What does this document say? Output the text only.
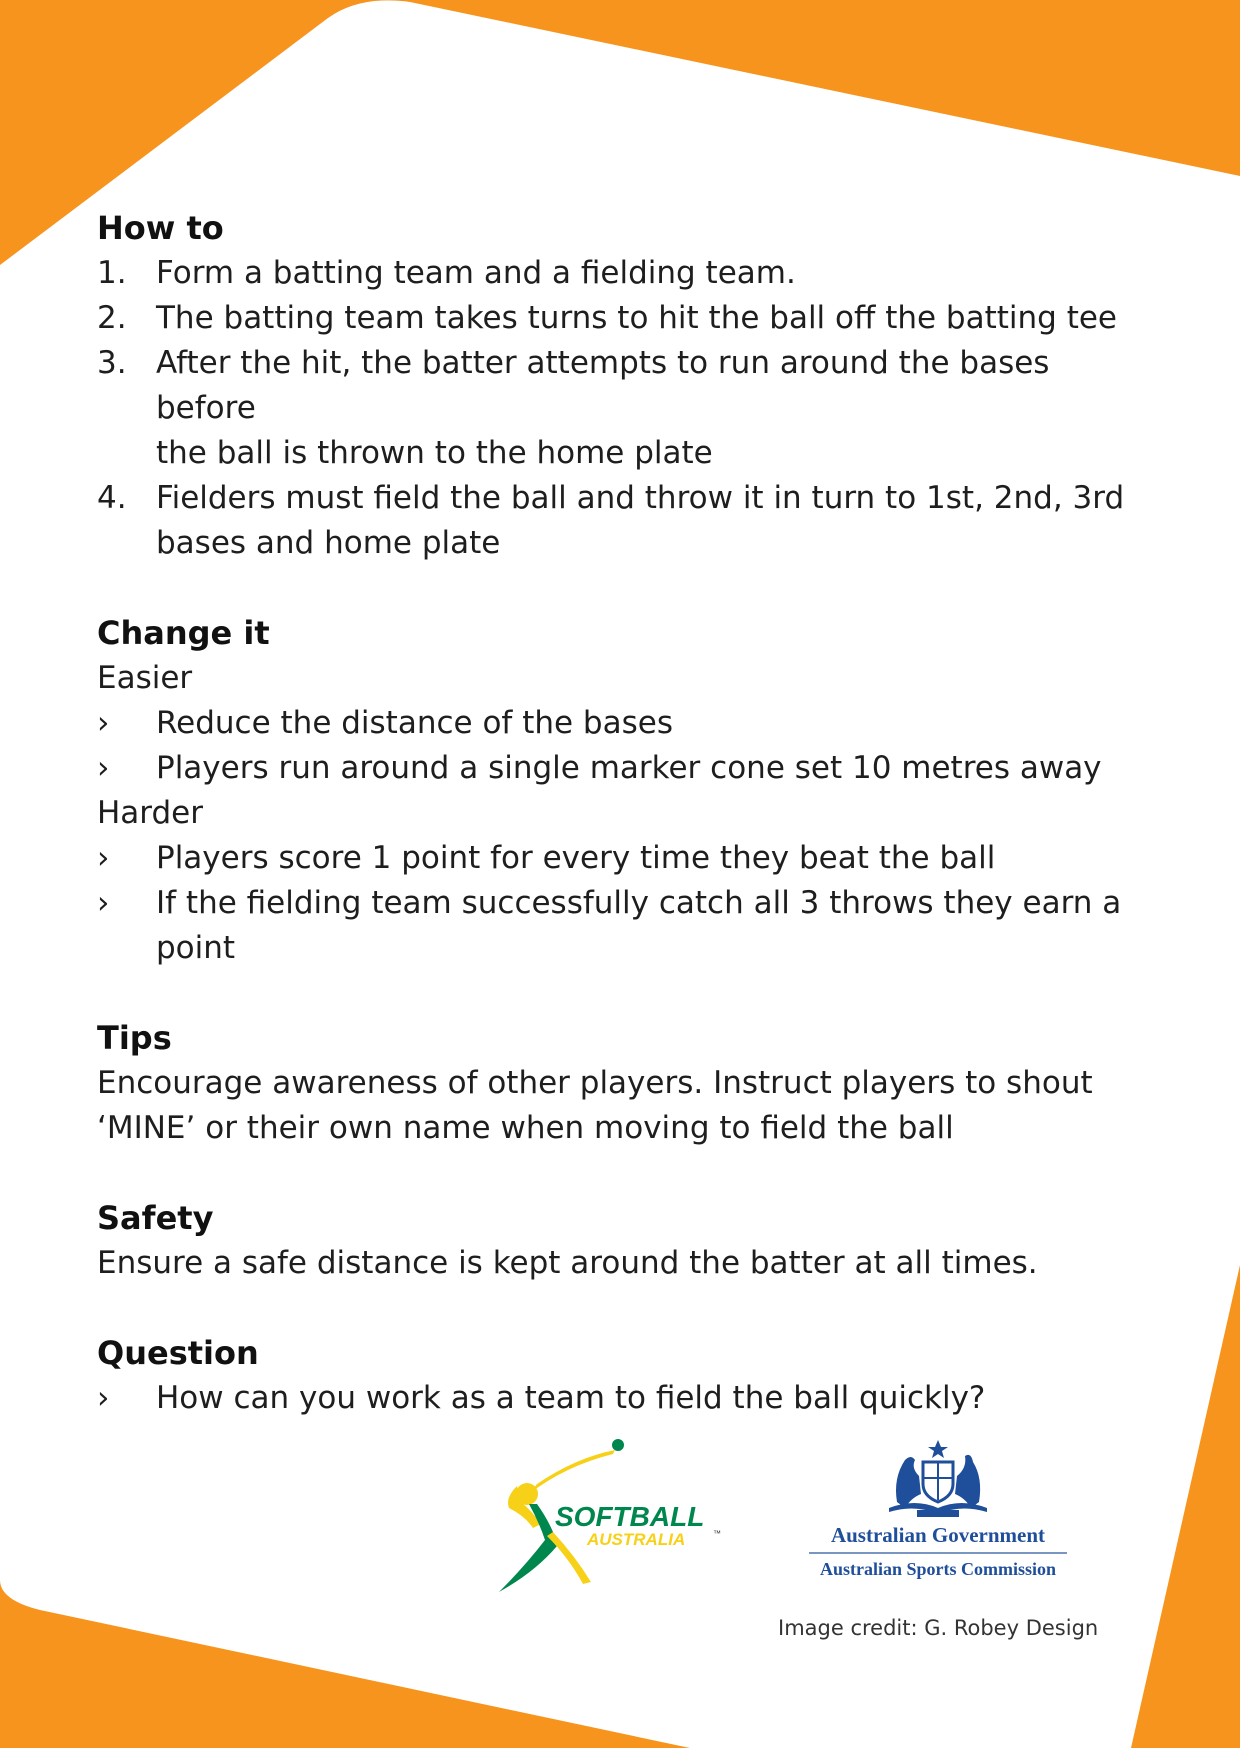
How to
1. Form a batting team and a fielding team.
2. The batting team takes turns to hit the ball off the batting tee
3. After the hit, the batter attempts to run around the bases before
the ball is thrown to the home plate
4. Fielders must field the ball and throw it in turn to 1st, 2nd, 3rd
bases and home plate
Change it

Easier

›	Reduce the distance of the bases
›	Players run around a single marker cone set 10 metres away

Harder

›	Players score 1 point for every time they beat the ball
›	If the fielding team successfully catch all 3 throws they earn a
point
Tips

Encourage awareness of other players. Instruct players to shout

‘MINE’ or their own name when moving to field the ball

Safety

Ensure a safe distance is kept around the batter at all times.

Question
›	How can you work as a team to field the ball quickly?
SOFTBALL
AUSTRALIA	™	Australian Government
Australian Sports Commission
Image credit: G. Robey Design
